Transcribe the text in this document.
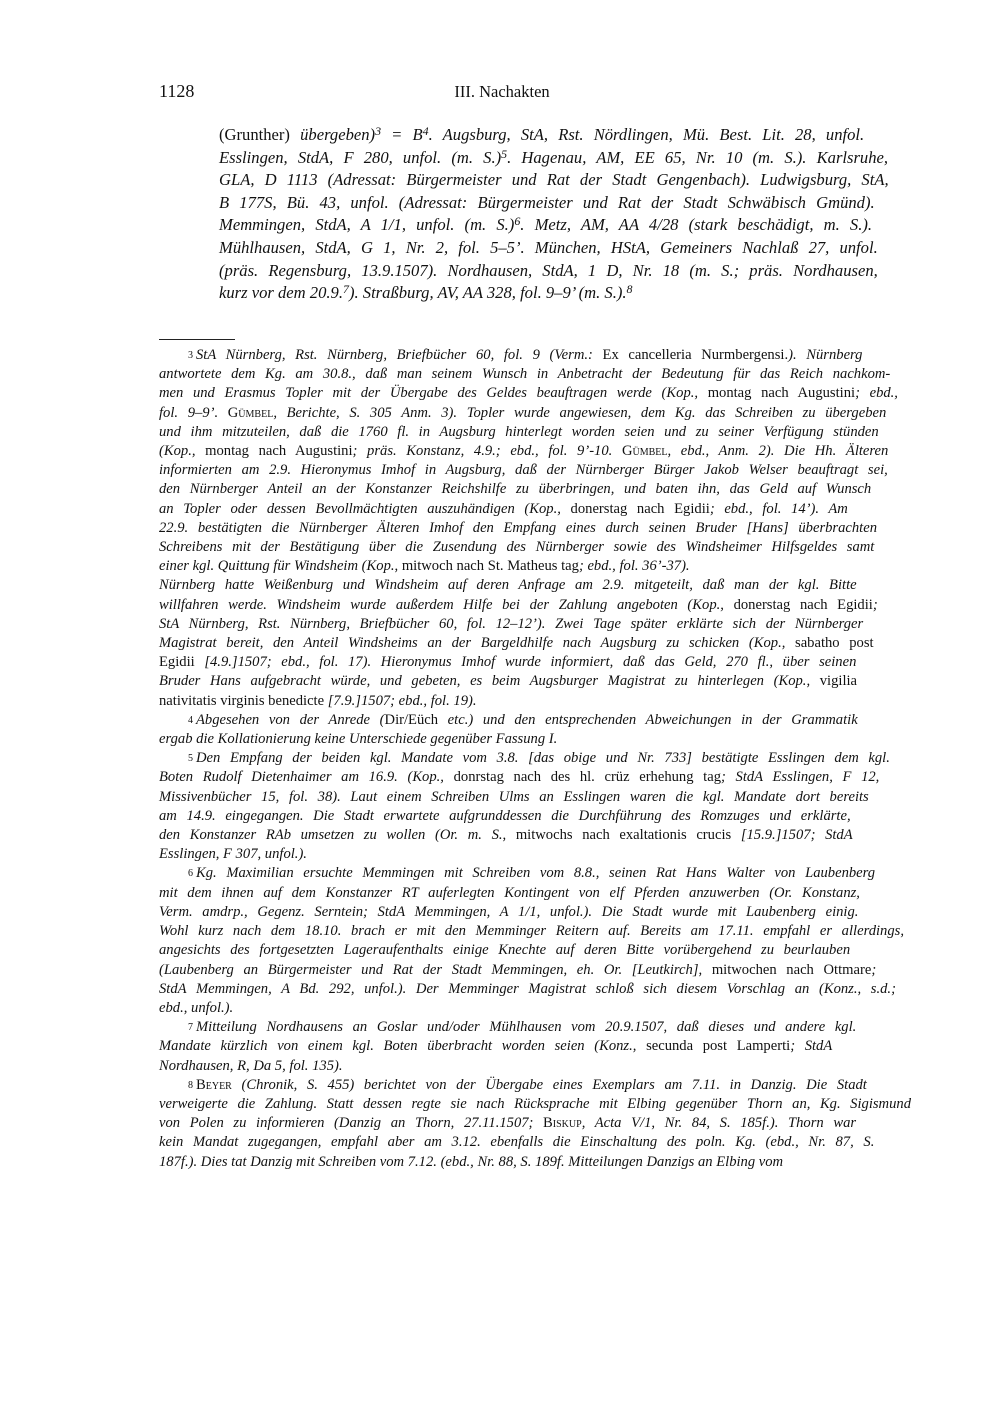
1128	III. Nachakten
(Grunther) übergeben)$^3$ = $B^4$. Augsburg, StA, Rst. Nördlingen, Mü. Best. Lit. 28, unfol.
Esslingen, StdA, F 280, unfol. (m. S.)$^5$. Hagenau, AM, EE 65, Nr. 10 (m. S.). Karlsruhe,
GLA, D 1113 (Adressat: Bürgermeister und Rat der Stadt Gengenbach). Ludwigsburg, StA,
B 177S, Bü. 43, unfol. (Adressat: Bürgermeister und Rat der Stadt Schwäbisch Gmünd).
Memmingen, StdA, A 1/1, unfol. (m. S.)$^6$. Metz, AM, AA 4/28 (stark beschädigt, m. S.).
Mühlhausen, StdA, G 1, Nr. 2, fol. 5–5’. München, HStA, Gemeiners Nachlaß 27, unfol.
(präs. Regensburg, 13.9.1507). Nordhausen, StdA, 1 D, Nr. 18 (m. S.; präs. Nordhausen,
kurz vor dem 20.9.$^7$). Straßburg, AV, AA 328, fol. 9–9’ (m. S.).$^8$
3 StA Nürnberg, Rst. Nürnberg, Briefbücher 60, fol. 9 (Verm.: Ex cancelleria Nurmbergensi.). Nürnberg
antwortete dem Kg. am 30.8., daß man seinem Wunsch in Anbetracht der Bedeutung für das Reich nachkom-
men und Erasmus Topler mit der Übergabe des Geldes beauftragen werde (Kop., montag nach Augustini; ebd.,
fol. 9–9’. Gümbel, Berichte, S. 305 Anm. 3). Topler wurde angewiesen, dem Kg. das Schreiben zu übergeben
und ihm mitzuteilen, daß die 1760 fl. in Augsburg hinterlegt worden seien und zu seiner Verfügung stünden
(Kop., montag nach Augustini; präs. Konstanz, 4.9.; ebd., fol. 9’-10. Gümbel, ebd., Anm. 2). Die Hh. Älteren
informierten am 2.9. Hieronymus Imhof in Augsburg, daß der Nürnberger Bürger Jakob Welser beauftragt sei,
den Nürnberger Anteil an der Konstanzer Reichshilfe zu überbringen, und baten ihn, das Geld auf Wunsch
an Topler oder dessen Bevollmächtigten auszuhändigen (Kop., donerstag nach Egidii; ebd., fol. 14’). Am
22.9. bestätigten die Nürnberger Älteren Imhof den Empfang eines durch seinen Bruder [Hans] überbrachten
Schreibens mit der Bestätigung über die Zusendung des Nürnberger sowie des Windsheimer Hilfsgeldes samt
einer kgl. Quittung für Windsheim (Kop., mitwoch nach St. Matheus tag; ebd., fol. 36’-37).
Nürnberg hatte Weißenburg und Windsheim auf deren Anfrage am 2.9. mitgeteilt, daß man der kgl. Bitte
willfahren werde. Windsheim wurde außerdem Hilfe bei der Zahlung angeboten (Kop., donerstag nach Egidii;
StA Nürnberg, Rst. Nürnberg, Briefbücher 60, fol. 12–12’). Zwei Tage später erklärte sich der Nürnberger
Magistrat bereit, den Anteil Windsheims an der Bargeldhilfe nach Augsburg zu schicken (Kop., sabatho post
Egidii [4.9.]1507; ebd., fol. 17). Hieronymus Imhof wurde informiert, daß das Geld, 270 fl., über seinen
Bruder Hans aufgebracht würde, und gebeten, es beim Augsburger Magistrat zu hinterlegen (Kop., vigilia
nativitatis virginis benedicte [7.9.]1507; ebd., fol. 19).
4 Abgesehen von der Anrede (Dir/Eüch etc.) und den entsprechenden Abweichungen in der Grammatik
ergab die Kollationierung keine Unterschiede gegenüber Fassung I.
5 Den Empfang der beiden kgl. Mandate vom 3.8. [das obige und Nr. 733] bestätigte Esslingen dem kgl.
Boten Rudolf Dietenhaimer am 16.9. (Kop., donrstag nach des hl. crüz erhehung tag; StdA Esslingen, F 12,
Missivenbücher 15, fol. 38). Laut einem Schreiben Ulms an Esslingen waren die kgl. Mandate dort bereits
am 14.9. eingegangen. Die Stadt erwartete aufgrunddessen die Durchführung des Romzuges und erklärte,
den Konstanzer RAb umsetzen zu wollen (Or. m. S., mitwochs nach exaltationis crucis [15.9.]1507; StdA
Esslingen, F 307, unfol.).
6 Kg. Maximilian ersuchte Memmingen mit Schreiben vom 8.8., seinen Rat Hans Walter von Laubenberg
mit dem ihnen auf dem Konstanzer RT auferlegten Kontingent von elf Pferden anzuwerben (Or. Konstanz,
Verm. amdrp., Gegenz. Serntein; StdA Memmingen, A 1/1, unfol.). Die Stadt wurde mit Laubenberg einig.
Wohl kurz nach dem 18.10. brach er mit den Memminger Reitern auf. Bereits am 17.11. empfahl er allerdings,
angesichts des fortgesetzten Lageraufenthalts einige Knechte auf deren Bitte vorübergehend zu beurlauben
(Laubenberg an Bürgermeister und Rat der Stadt Memmingen, eh. Or. [Leutkirch], mitwochen nach Ottmare;
StdA Memmingen, A Bd. 292, unfol.). Der Memminger Magistrat schloß sich diesem Vorschlag an (Konz., s.d.;
ebd., unfol.).
7 Mitteilung Nordhausens an Goslar und/oder Mühlhausen vom 20.9.1507, daß dieses und andere kgl.
Mandate kürzlich von einem kgl. Boten überbracht worden seien (Konz., secunda post Lamperti; StdA
Nordhausen, R, Da 5, fol. 135).
8 Beyer (Chronik, S. 455) berichtet von der Übergabe eines Exemplars am 7.11. in Danzig. Die Stadt
verweigerte die Zahlung. Statt dessen regte sie nach Rücksprache mit Elbing gegenüber Thorn an, Kg. Sigismund
von Polen zu informieren (Danzig an Thorn, 27.11.1507; Biskup, Acta V/1, Nr. 84, S. 185f.). Thorn war
kein Mandat zugegangen, empfahl aber am 3.12. ebenfalls die Einschaltung des poln. Kg. (ebd., Nr. 87, S.
187f.). Dies tat Danzig mit Schreiben vom 7.12. (ebd., Nr. 88, S. 189f. Mitteilungen Danzigs an Elbing vom
